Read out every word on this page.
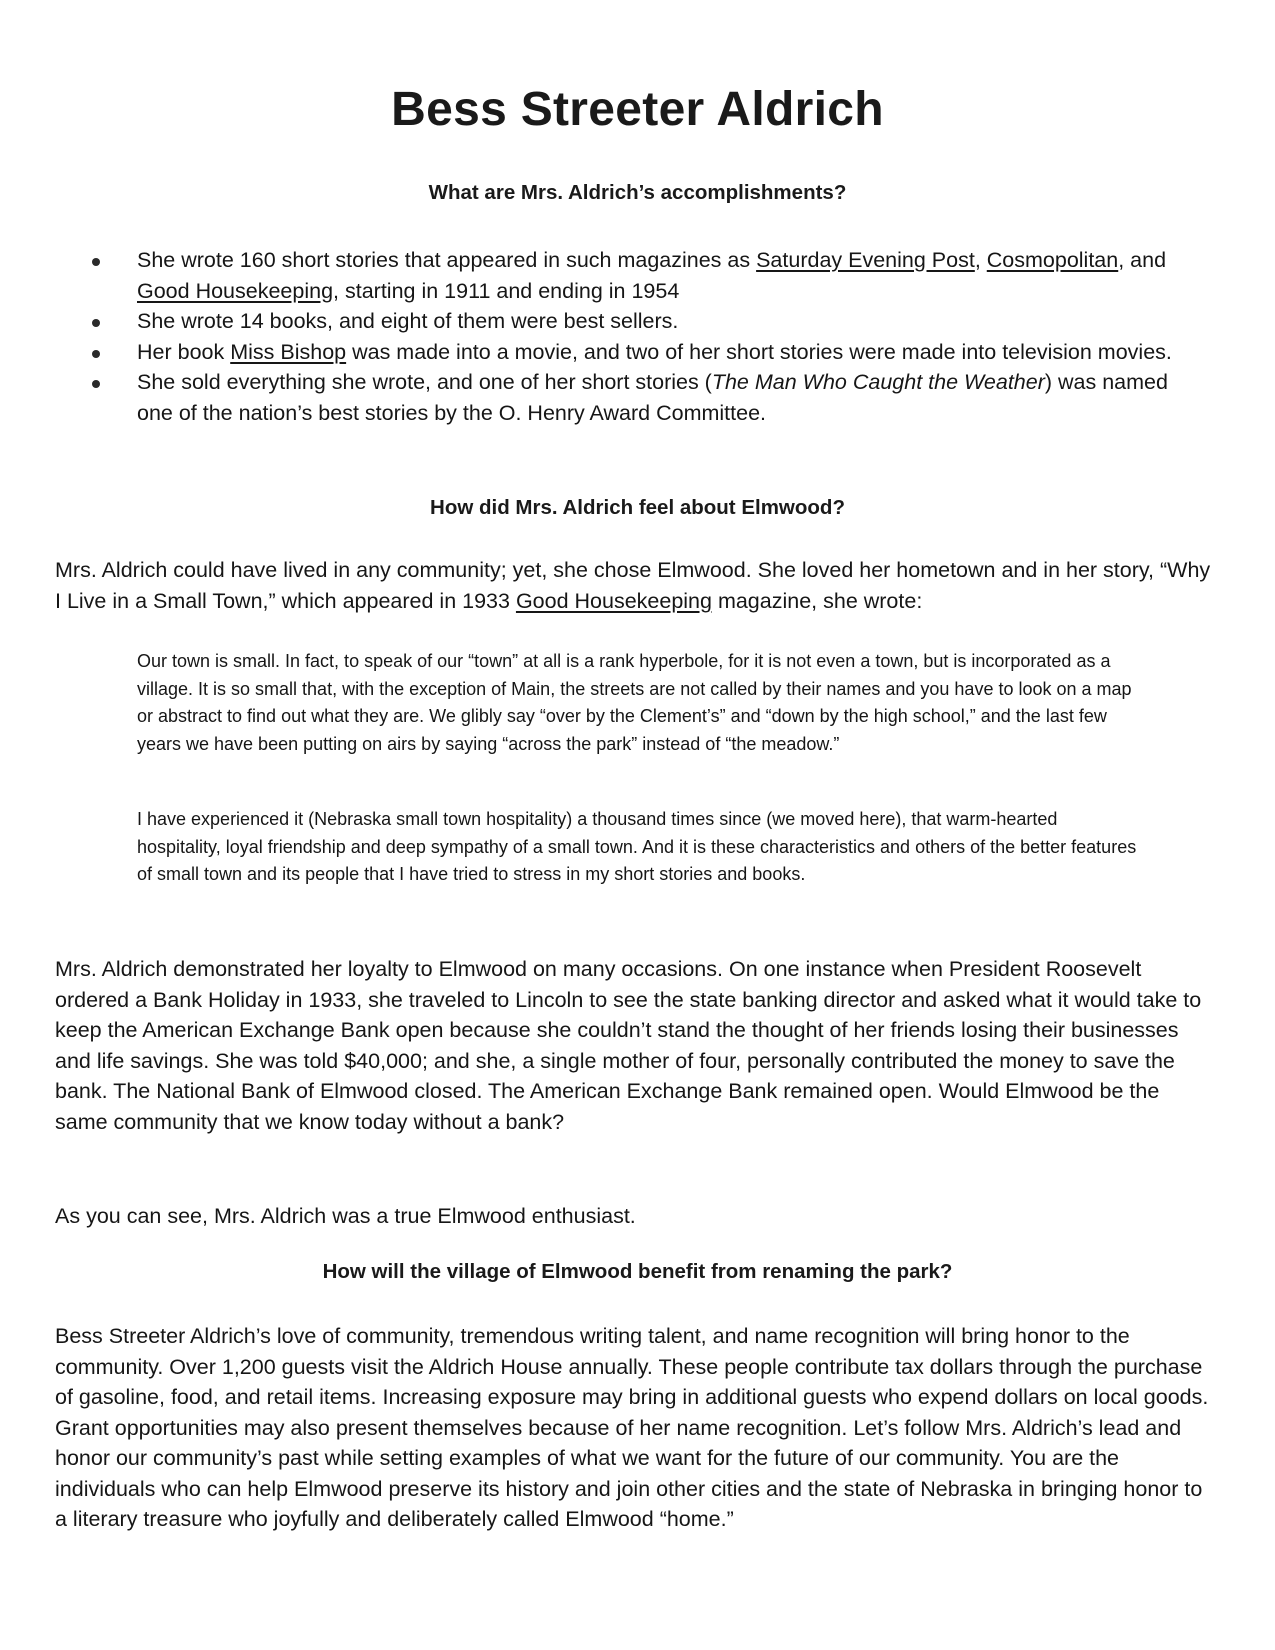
Bess Streeter Aldrich
What are Mrs. Aldrich’s accomplishments?
She wrote 160 short stories that appeared in such magazines as Saturday Evening Post, Cosmopolitan, and Good Housekeeping, starting in 1911 and ending in 1954
She wrote 14 books, and eight of them were best sellers.
Her book Miss Bishop was made into a movie, and two of her short stories were made into television movies.
She sold everything she wrote, and one of her short stories (The Man Who Caught the Weather) was named one of the nation’s best stories by the O. Henry Award Committee.
How did Mrs. Aldrich feel about Elmwood?

Mrs. Aldrich could have lived in any community; yet, she chose Elmwood. She loved her hometown and in her story, “Why I Live in a Small Town,” which appeared in 1933 Good Housekeeping magazine, she wrote:

Our town is small. In fact, to speak of our “town” at all is a rank hyperbole, for it is not even a town, but is incorporated as a village. It is so small that, with the exception of Main, the streets are not called by their names and you have to look on a map or abstract to find out what they are. We glibly say “over by the Clement’s” and “down by the high school,” and the last few years we have been putting on airs by saying “across the park” instead of “the meadow.”

I have experienced it (Nebraska small town hospitality) a thousand times since (we moved here), that warm-hearted hospitality, loyal friendship and deep sympathy of a small town. And it is these characteristics and others of the better features of small town and its people that I have tried to stress in my short stories and books.

Mrs. Aldrich demonstrated her loyalty to Elmwood on many occasions. On one instance when President Roosevelt ordered a Bank Holiday in 1933, she traveled to Lincoln to see the state banking director and asked what it would take to keep the American Exchange Bank open because she couldn’t stand the thought of her friends losing their businesses and life savings. She was told $40,000; and she, a single mother of four, personally contributed the money to save the bank. The National Bank of Elmwood closed. The American Exchange Bank remained open. Would Elmwood be the same community that we know today without a bank?

As you can see, Mrs. Aldrich was a true Elmwood enthusiast.

How will the village of Elmwood benefit from renaming the park?

Bess Streeter Aldrich’s love of community, tremendous writing talent, and name recognition will bring honor to the community. Over 1,200 guests visit the Aldrich House annually. These people contribute tax dollars through the purchase of gasoline, food, and retail items. Increasing exposure may bring in additional guests who expend dollars on local goods. Grant opportunities may also present themselves because of her name recognition. Let’s follow Mrs. Aldrich’s lead and honor our community’s past while setting examples of what we want for the future of our community. You are the individuals who can help Elmwood preserve its history and join other cities and the state of Nebraska in bringing honor to a literary treasure who joyfully and deliberately called Elmwood “home.”
